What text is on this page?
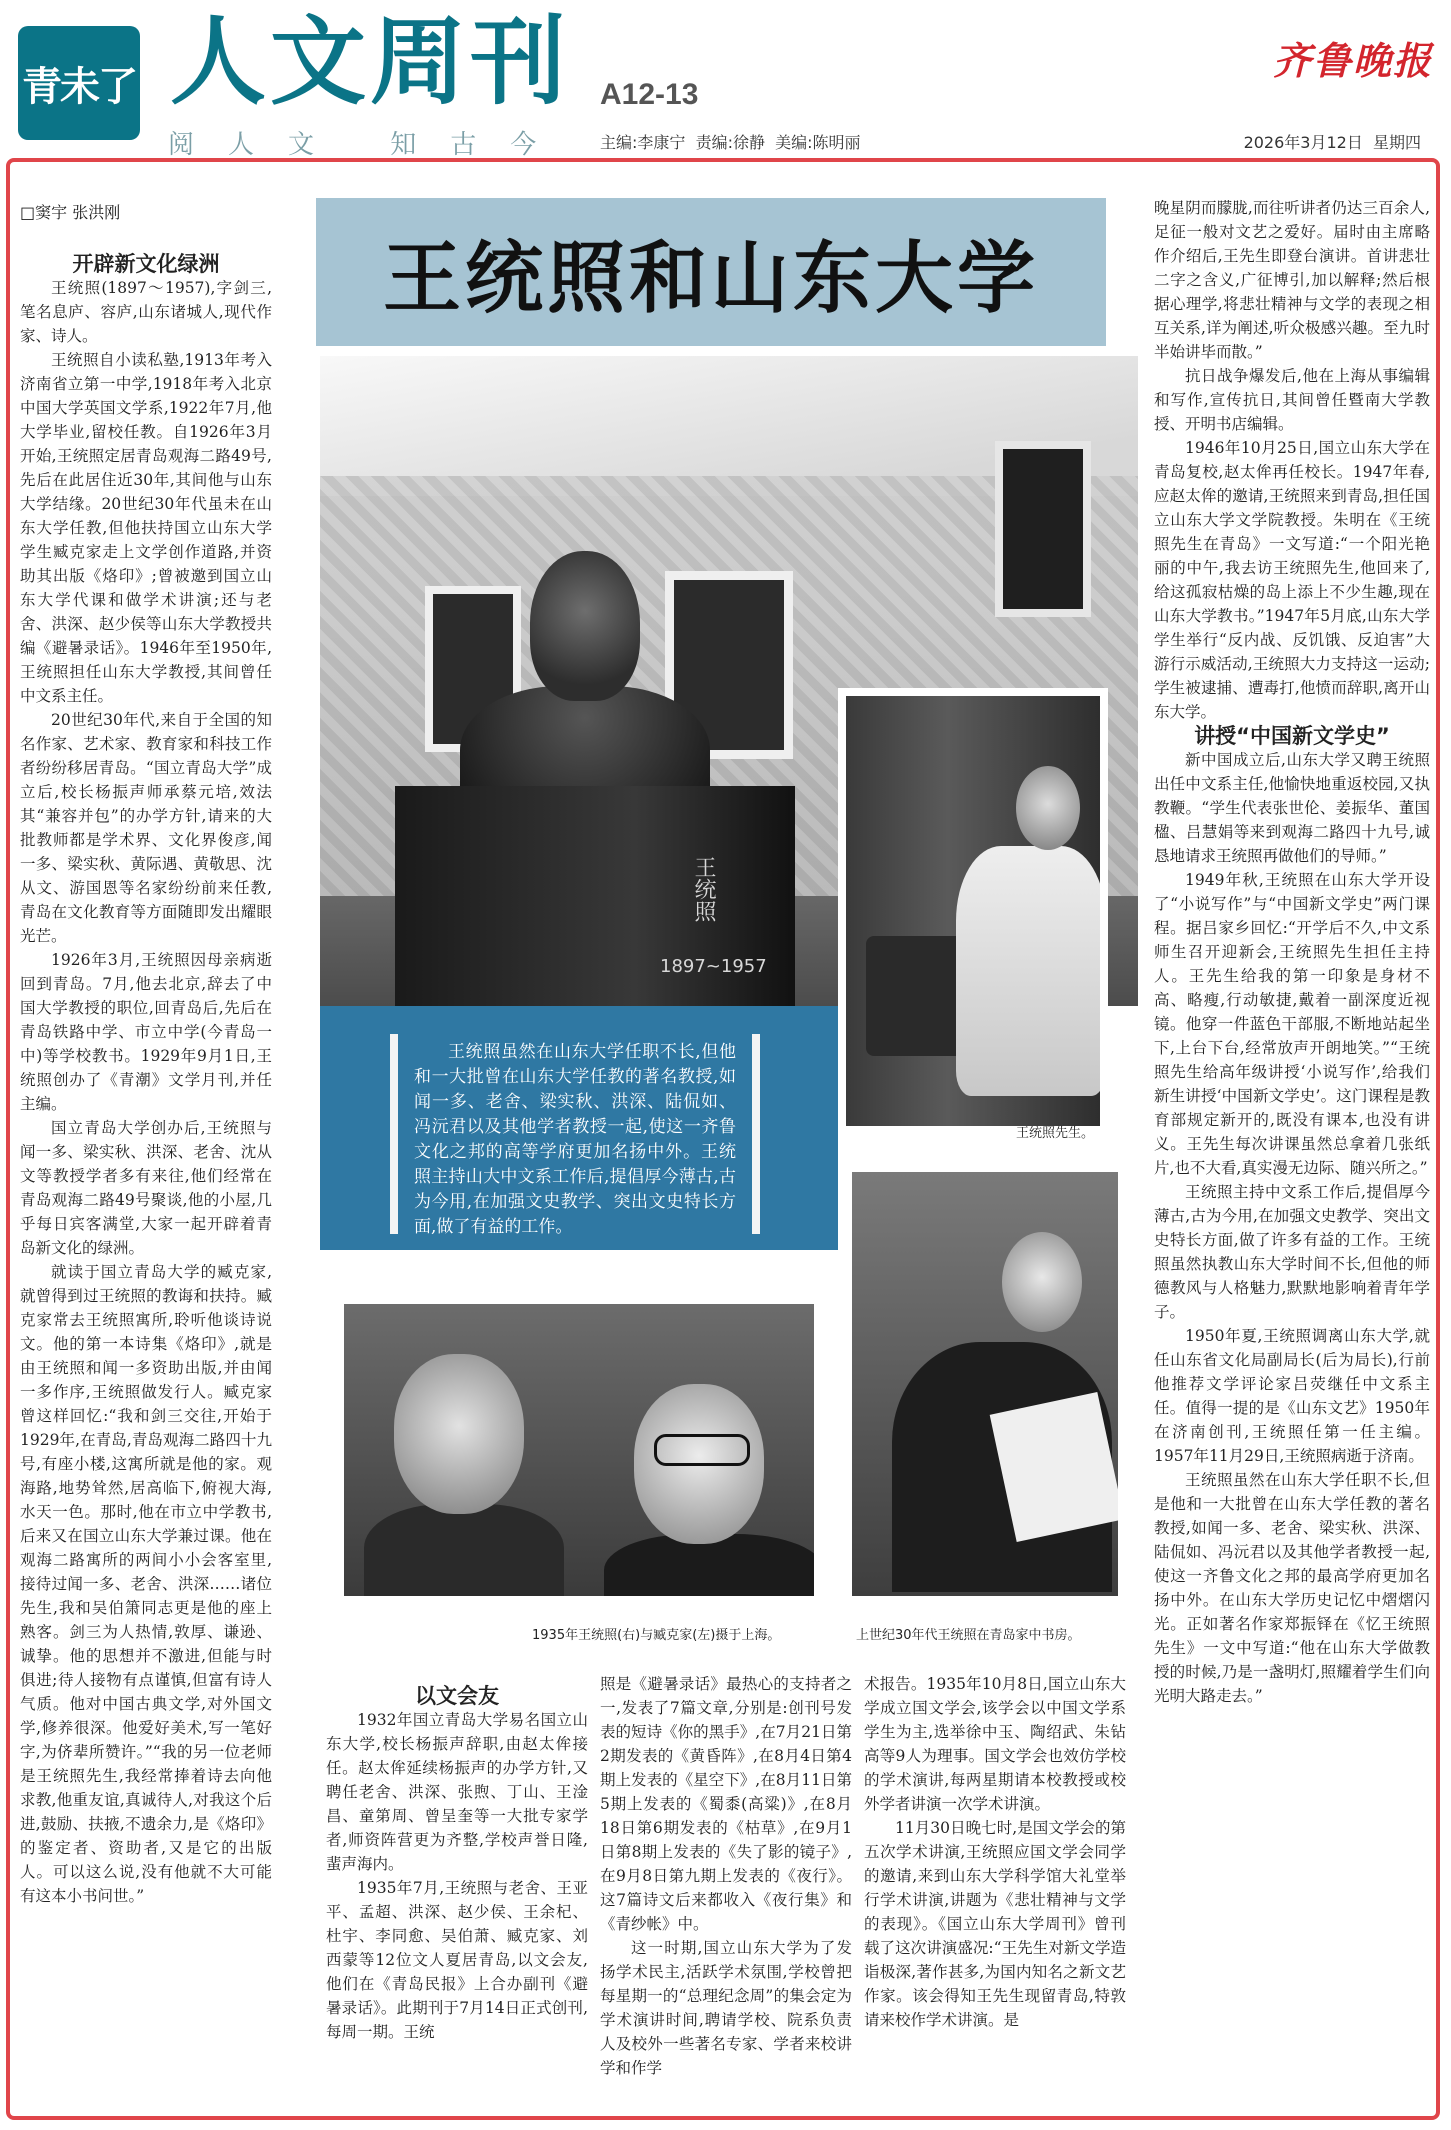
青未了 人文周刊
阅人文 知古今
A12-13
主编:李康宁  责编:徐静  美编:陈明丽
齐鲁晚报
2026年3月12日  星期四
□窦宇 张洪刚

开辟新文化绿洲

王统照(1897～1957),字剑三,笔名息庐、容庐,山东诸城人,现代作家、诗人。

王统照自小读私塾,1913年考入济南省立第一中学,1918年考入北京中国大学英国文学系,1922年7月,他大学毕业,留校任教。自1926年3月开始,王统照定居青岛观海二路49号,先后在此居住近30年,其间他与山东大学结缘。20世纪30年代虽未在山东大学任教,但他扶持国立山东大学学生臧克家走上文学创作道路,并资助其出版《烙印》;曾被邀到国立山东大学代课和做学术讲演;还与老舍、洪深、赵少侯等山东大学教授共编《避暑录话》。1946年至1950年,王统照担任山东大学教授,其间曾任中文系主任。

20世纪30年代,来自于全国的知名作家、艺术家、教育家和科技工作者纷纷移居青岛。“国立青岛大学”成立后,校长杨振声师承蔡元培,效法其“兼容并包”的办学方针,请来的大批教师都是学术界、文化界俊彦,闻一多、梁实秋、黄际遇、黄敬思、沈从文、游国恩等名家纷纷前来任教,青岛在文化教育等方面随即发出耀眼光芒。

1926年3月,王统照因母亲病逝回到青岛。7月,他去北京,辞去了中国大学教授的职位,回青岛后,先后在青岛铁路中学、市立中学(今青岛一中)等学校教书。1929年9月1日,王统照创办了《青潮》文学月刊,并任主编。

国立青岛大学创办后,王统照与闻一多、梁实秋、洪深、老舍、沈从文等教授学者多有来往,他们经常在青岛观海二路49号聚谈,他的小屋,几乎每日宾客满堂,大家一起开辟着青岛新文化的绿洲。

就读于国立青岛大学的臧克家,就曾得到过王统照的教诲和扶持。臧克家常去王统照寓所,聆听他谈诗说文。他的第一本诗集《烙印》,就是由王统照和闻一多资助出版,并由闻一多作序,王统照做发行人。臧克家曾这样回忆:“我和剑三交往,开始于1929年,在青岛,青岛观海二路四十九号,有座小楼,这寓所就是他的家。观海路,地势耸然,居高临下,俯视大海,水天一色。那时,他在市立中学教书,后来又在国立山东大学兼过课。他在观海二路寓所的两间小小会客室里,接待过闻一多、老舍、洪深……诸位先生,我和吴伯箫同志更是他的座上熟客。剑三为人热情,敦厚、谦逊、诚挚。他的思想并不激进,但能与时俱进;待人接物有点谨慎,但富有诗人气质。他对中国古典文学,对外国文学,修养很深。他爱好美术,写一笔好字,为侪辈所赞许。”“我的另一位老师是王统照先生,我经常捧着诗去向他求教,他重友谊,真诚待人,对我这个后进,鼓励、扶掖,不遗余力,是《烙印》的鉴定者、资助者,又是它的出版人。可以这么说,没有他就不大可能有这本小书问世。”

王统照和山东大学
王统照
1897~1957
王统照先生。
王统照虽然在山东大学任职不长,但他和一大批曾在山东大学任教的著名教授,如闻一多、老舍、梁实秋、洪深、陆侃如、冯沅君以及其他学者教授一起,使这一齐鲁文化之邦的高等学府更加名扬中外。王统照主持山大中文系工作后,提倡厚今薄古,古为今用,在加强文史教学、突出文史特长方面,做了有益的工作。
1935年王统照(右)与臧克家(左)摄于上海。	上世纪30年代王统照在青岛家中书房。

以文会友

1932年国立青岛大学易名国立山东大学,校长杨振声辞职,由赵太侔接任。赵太侔延续杨振声的办学方针,又聘任老舍、洪深、张煦、丁山、王淦昌、童第周、曾呈奎等一大批专家学者,师资阵营更为齐整,学校声誉日隆,蜚声海内。

1935年7月,王统照与老舍、王亚平、孟超、洪深、赵少侯、王余杞、杜宇、李同愈、吴伯萧、臧克家、刘西蒙等12位文人夏居青岛,以文会友,他们在《青岛民报》上合办副刊《避暑录话》。此期刊于7月14日正式创刊,每周一期。王统

照是《避暑录话》最热心的支持者之一,发表了7篇文章,分别是:创刊号发表的短诗《你的黑手》,在7月21日第2期发表的《黄昏阵》,在8月4日第4期上发表的《星空下》,在8月11日第5期上发表的《蜀黍(高粱)》,在8月18日第6期发表的《枯草》,在9月1日第8期上发表的《失了影的镜子》,在9月8日第九期上发表的《夜行》。这7篇诗文后来都收入《夜行集》和《青纱帐》中。

这一时期,国立山东大学为了发扬学术民主,活跃学术氛围,学校曾把每星期一的“总理纪念周”的集会定为学术演讲时间,聘请学校、院系负责人及校外一些著名专家、学者来校讲学和作学

术报告。1935年10月8日,国立山东大学成立国文学会,该学会以中国文学系学生为主,选举徐中玉、陶绍武、朱钻高等9人为理事。国文学会也效仿学校的学术演讲,每两星期请本校教授或校外学者讲演一次学术讲演。

11月30日晚七时,是国文学会的第五次学术讲演,王统照应国文学会同学的邀请,来到山东大学科学馆大礼堂举行学术讲演,讲题为《悲壮精神与文学的表现》。《国立山东大学周刊》曾刊载了这次讲演盛况:“王先生对新文学造诣极深,著作甚多,为国内知名之新文艺作家。该会得知王先生现留青岛,特敦请来校作学术讲演。是

晚星阴而朦胧,而往听讲者仍达三百余人,足征一般对文艺之爱好。届时由主席略作介绍后,王先生即登台演讲。首讲悲壮二字之含义,广征博引,加以解释;然后根据心理学,将悲壮精神与文学的表现之相互关系,详为阐述,听众极感兴趣。至九时半始讲毕而散。”

抗日战争爆发后,他在上海从事编辑和写作,宣传抗日,其间曾任暨南大学教授、开明书店编辑。

1946年10月25日,国立山东大学在青岛复校,赵太侔再任校长。1947年春,应赵太侔的邀请,王统照来到青岛,担任国立山东大学文学院教授。朱明在《王统照先生在青岛》一文写道:“一个阳光艳丽的中午,我去访王统照先生,他回来了,给这孤寂枯燥的岛上添上不少生趣,现在山东大学教书。”1947年5月底,山东大学学生举行“反内战、反饥饿、反迫害”大游行示威活动,王统照大力支持这一运动;学生被逮捕、遭毒打,他愤而辞职,离开山东大学。

讲授“中国新文学史”

新中国成立后,山东大学又聘王统照出任中文系主任,他愉快地重返校园,又执教鞭。“学生代表张世伦、姜振华、董国楹、吕慧娟等来到观海二路四十九号,诚恳地请求王统照再做他们的导师。”

1949年秋,王统照在山东大学开设了“小说写作”与“中国新文学史”两门课程。据吕家乡回忆:“开学后不久,中文系师生召开迎新会,王统照先生担任主持人。王先生给我的第一印象是身材不高、略瘦,行动敏捷,戴着一副深度近视镜。他穿一件蓝色干部服,不断地站起坐下,上台下台,经常放声开朗地笑。”“王统照先生给高年级讲授‘小说写作’,给我们新生讲授‘中国新文学史’。这门课程是教育部规定新开的,既没有课本,也没有讲义。王先生每次讲课虽然总拿着几张纸片,也不大看,真实漫无边际、随兴所之。”

王统照主持中文系工作后,提倡厚今薄古,古为今用,在加强文史教学、突出文史特长方面,做了许多有益的工作。王统照虽然执教山东大学时间不长,但他的师德教风与人格魅力,默默地影响着青年学子。

1950年夏,王统照调离山东大学,就任山东省文化局副局长(后为局长),行前他推荐文学评论家吕荧继任中文系主任。值得一提的是《山东文艺》1950年在济南创刊,王统照任第一任主编。1957年11月29日,王统照病逝于济南。

王统照虽然在山东大学任职不长,但是他和一大批曾在山东大学任教的著名教授,如闻一多、老舍、梁实秋、洪深、陆侃如、冯沅君以及其他学者教授一起,使这一齐鲁文化之邦的最高学府更加名扬中外。在山东大学历史记忆中熠熠闪光。正如著名作家郑振铎在《忆王统照先生》一文中写道:“他在山东大学做教授的时候,乃是一盏明灯,照耀着学生们向光明大路走去。”
